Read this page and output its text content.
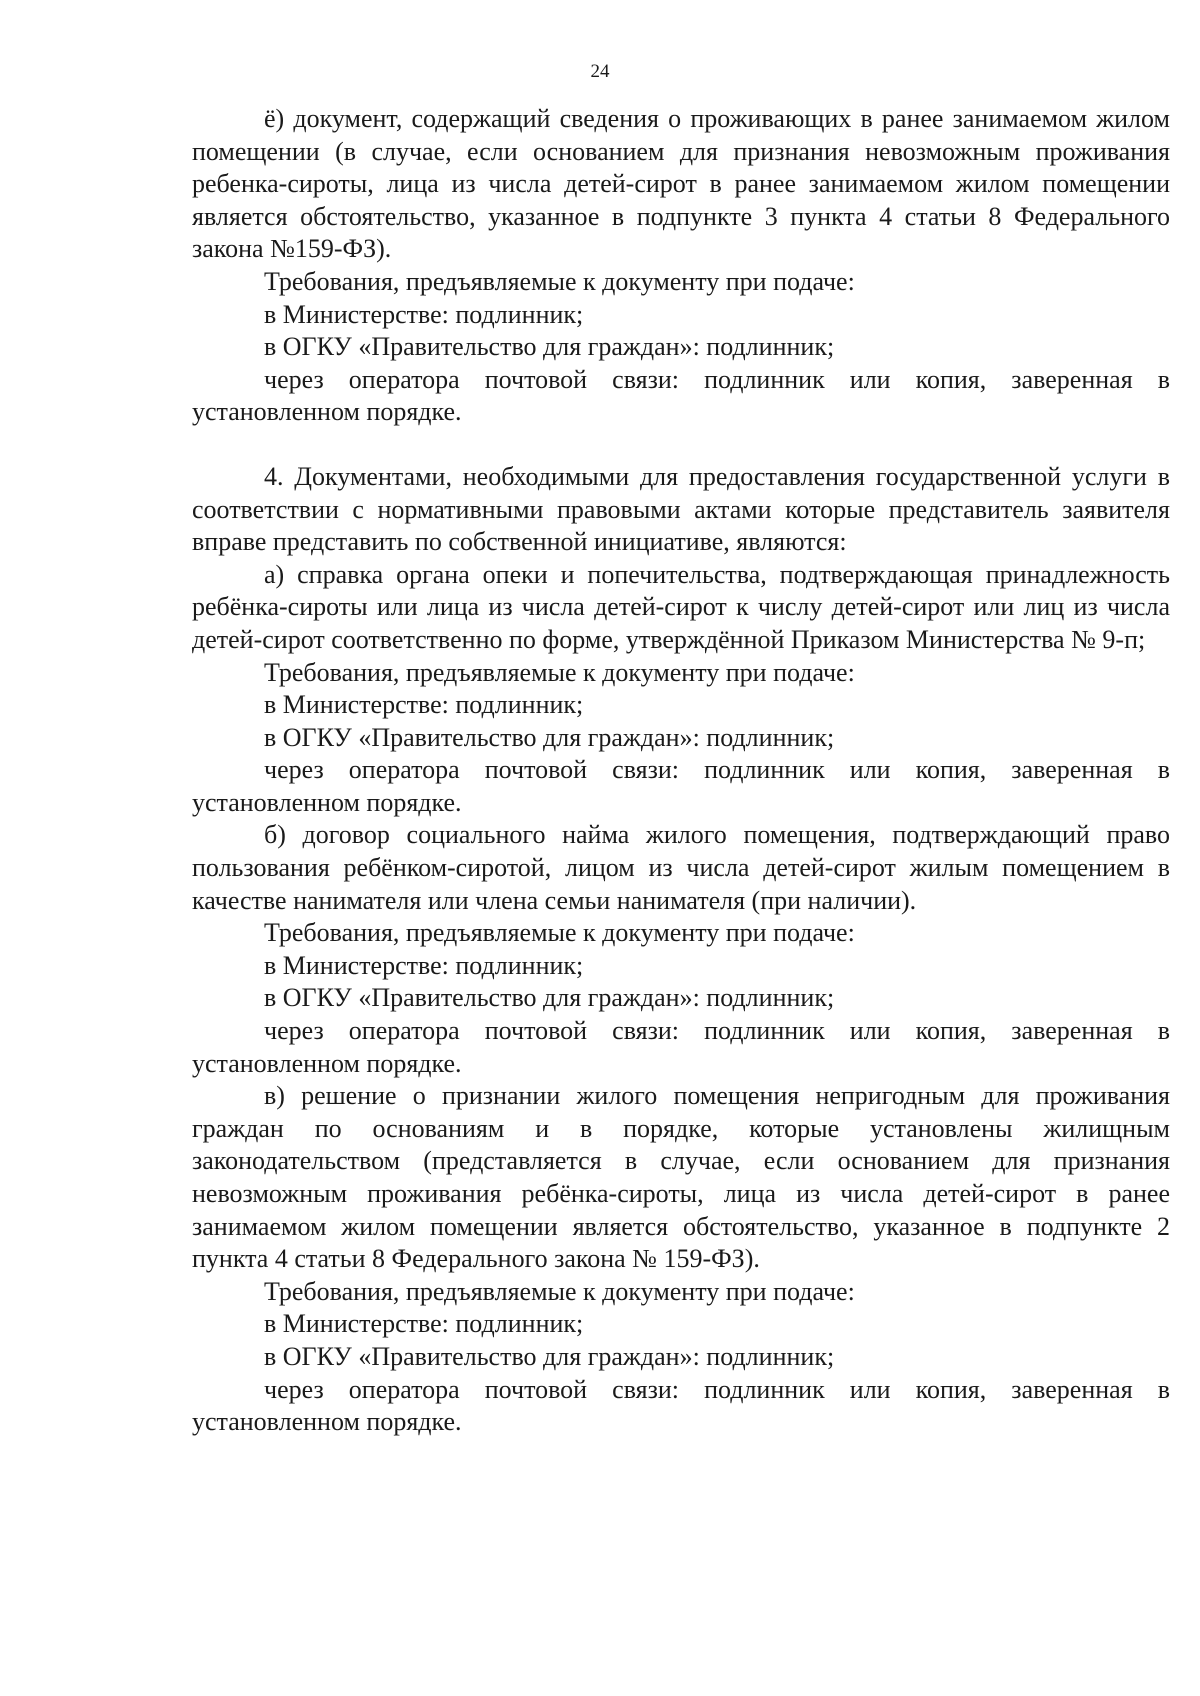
24

ё) документ, содержащий сведения о проживающих в ранее занимаемом жилом помещении (в случае, если основанием для признания невозможным проживания ребенка-сироты, лица из числа детей-сирот в ранее занимаемом жилом помещении является обстоятельство, указанное в подпункте 3 пункта 4 статьи 8 Федерального закона №159-ФЗ).

Требования, предъявляемые к документу при подаче:

в Министерстве: подлинник;

в ОГКУ «Правительство для граждан»: подлинник;

через оператора почтовой связи: подлинник или копия, заверенная в установленном порядке.

4. Документами, необходимыми для предоставления государственной услуги в соответствии с нормативными правовыми актами которые представитель заявителя вправе представить по собственной инициативе, являются:

а) справка органа опеки и попечительства, подтверждающая принадлежность ребёнка-сироты или лица из числа детей-сирот к числу детей-сирот или лиц из числа детей-сирот соответственно по форме, утверждённой Приказом Министерства № 9-п;

Требования, предъявляемые к документу при подаче:

в Министерстве: подлинник;

в ОГКУ «Правительство для граждан»: подлинник;

через оператора почтовой связи: подлинник или копия, заверенная в установленном порядке.

б) договор социального найма жилого помещения, подтверждающий право пользования ребёнком-сиротой, лицом из числа детей-сирот жилым помещением в качестве нанимателя или члена семьи нанимателя (при наличии).

Требования, предъявляемые к документу при подаче:

в Министерстве: подлинник;

в ОГКУ «Правительство для граждан»: подлинник;

через оператора почтовой связи: подлинник или копия, заверенная в установленном порядке.

в) решение о признании жилого помещения непригодным для проживания граждан по основаниям и в порядке, которые установлены жилищным законодательством (представляется в случае, если основанием для признания невозможным проживания ребёнка-сироты, лица из числа детей-сирот в ранее занимаемом жилом помещении является обстоятельство, указанное в подпункте 2 пункта 4 статьи 8 Федерального закона № 159-ФЗ).

Требования, предъявляемые к документу при подаче:

в Министерстве: подлинник;

в ОГКУ «Правительство для граждан»: подлинник;

через оператора почтовой связи: подлинник или копия, заверенная в установленном порядке.
